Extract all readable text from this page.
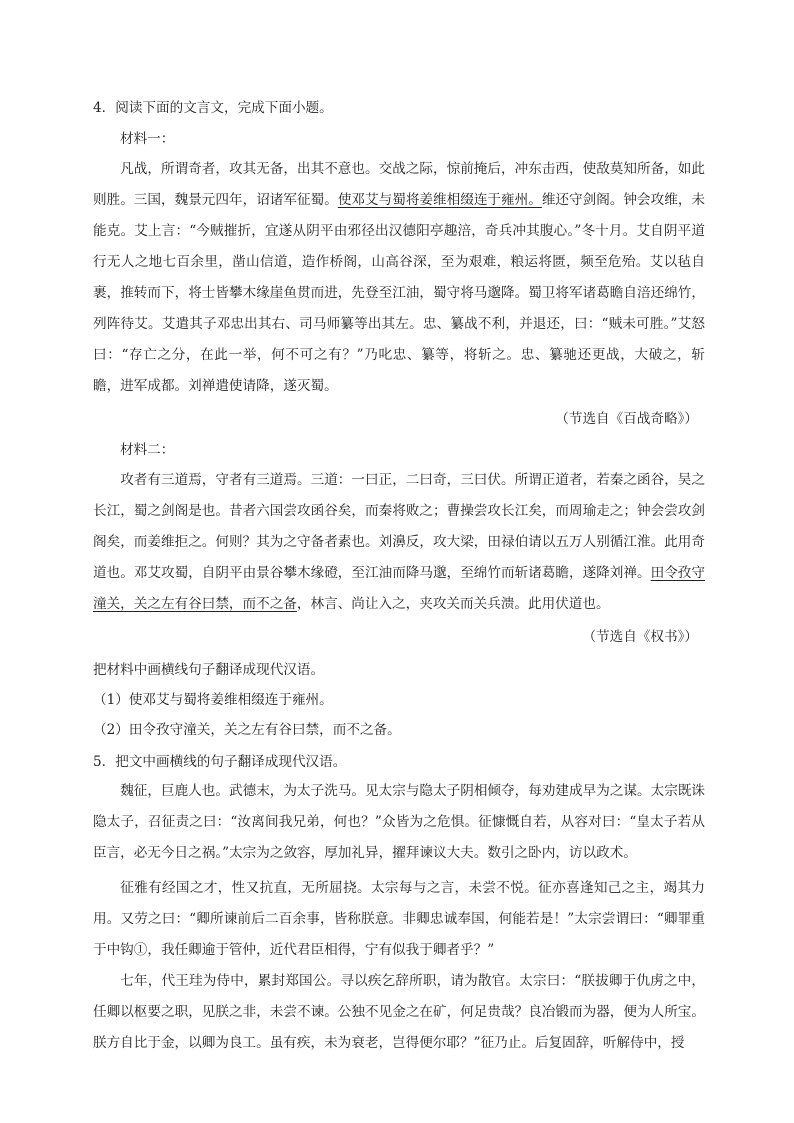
4．阅读下面的文言文，完成下面小题。
材料一：
凡战，所谓奇者，攻其无备，出其不意也。交战之际，惊前掩后，冲东击西，使敌莫知所备，如此则胜。三国，魏景元四年，诏诸军征蜀。使邓艾与蜀将姜维相缀连于雍州。维还守剑阁。钟会攻维，未能克。艾上言：“今贼摧折，宜遂从阴平由邪径出汉德阳亭趣涪，奇兵冲其腹心。”冬十月。艾自阴平道行无人之地七百余里，凿山信道，造作桥阁，山高谷深，至为艰难，粮运将匮，频至危殆。艾以毡自裹，推转而下，将士皆攀木缘崖鱼贯而进，先登至江油，蜀守将马邈降。蜀卫将军诸葛瞻自涪还绵竹，列阵待艾。艾遣其子邓忠出其右、司马师纂等出其左。忠、纂战不利，并退还，曰：“贼未可胜。”艾怒曰：“存亡之分，在此一举，何不可之有？”乃叱忠、纂等，将斩之。忠、纂驰还更战，大破之，斩瞻，进军成都。刘禅遣使请降，遂灭蜀。
（节选自《百战奇略》）
材料二：
攻者有三道焉，守者有三道焉。三道：一曰正，二曰奇，三曰伏。所谓正道者，若秦之函谷，吴之长江，蜀之剑阁是也。昔者六国尝攻函谷矣，而秦将败之；曹操尝攻长江矣，而周瑜走之；钟会尝攻剑阁矣，而姜维拒之。何则？其为之守备者素也。刘濞反，攻大梁，田禄伯请以五万人别循江淮。此用奇道也。邓艾攻蜀，自阴平由景谷攀木缘磴，至江油而降马邈，至绵竹而斩诸葛瞻，遂降刘禅。田令孜守潼关，关之左有谷曰禁，而不之备，林言、尚让入之，夹攻关而关兵溃。此用伏道也。
（节选自《权书》）
把材料中画横线句子翻译成现代汉语。
（1）使邓艾与蜀将姜维相缀连于雍州。
（2）田令孜守潼关，关之左有谷曰禁，而不之备。
5．把文中画横线的句子翻译成现代汉语。
魏征，巨鹿人也。武德末，为太子洗 ·马。见太宗与隐太子阴 ·相倾夺，每劝建成早为之谋。太宗既诛隐太子，召征责之曰：“汝离间我兄弟，何也？”众皆为之危惧。征慷慨自若，从容对曰：“皇太子若从臣言，必无今日之祸。”太宗为之敛容，厚加礼异，擢拜谏议大夫。数引之卧内，访以政术。
征雅有经国之才，性又抗直，无所屈挠。太宗每与之言，未尝不悦。征亦喜逢知己之主，竭其力用。又劳之曰：“卿所谏前后二百余事，皆称朕意。非卿忠诚奉国，何能若是！”太宗尝谓曰：“卿罪重于中钩①，我任卿逾于管仲，近代君臣相得，宁有似我于卿者乎？”
七年，代王珪为侍中，累封郑国公。寻以疾乞辞所职，请为散官。太宗曰：“朕拔卿于仇虏之中，任卿以枢要之职，见朕之非，未尝不谏。公独不见金之在矿，何足贵哉？良冶锻而为器，便为人所宝。朕方自比于金，以卿为良工。虽有疾，未为衰老，岂得便尔耶？”征乃止。后复固辞，听解侍中，授
